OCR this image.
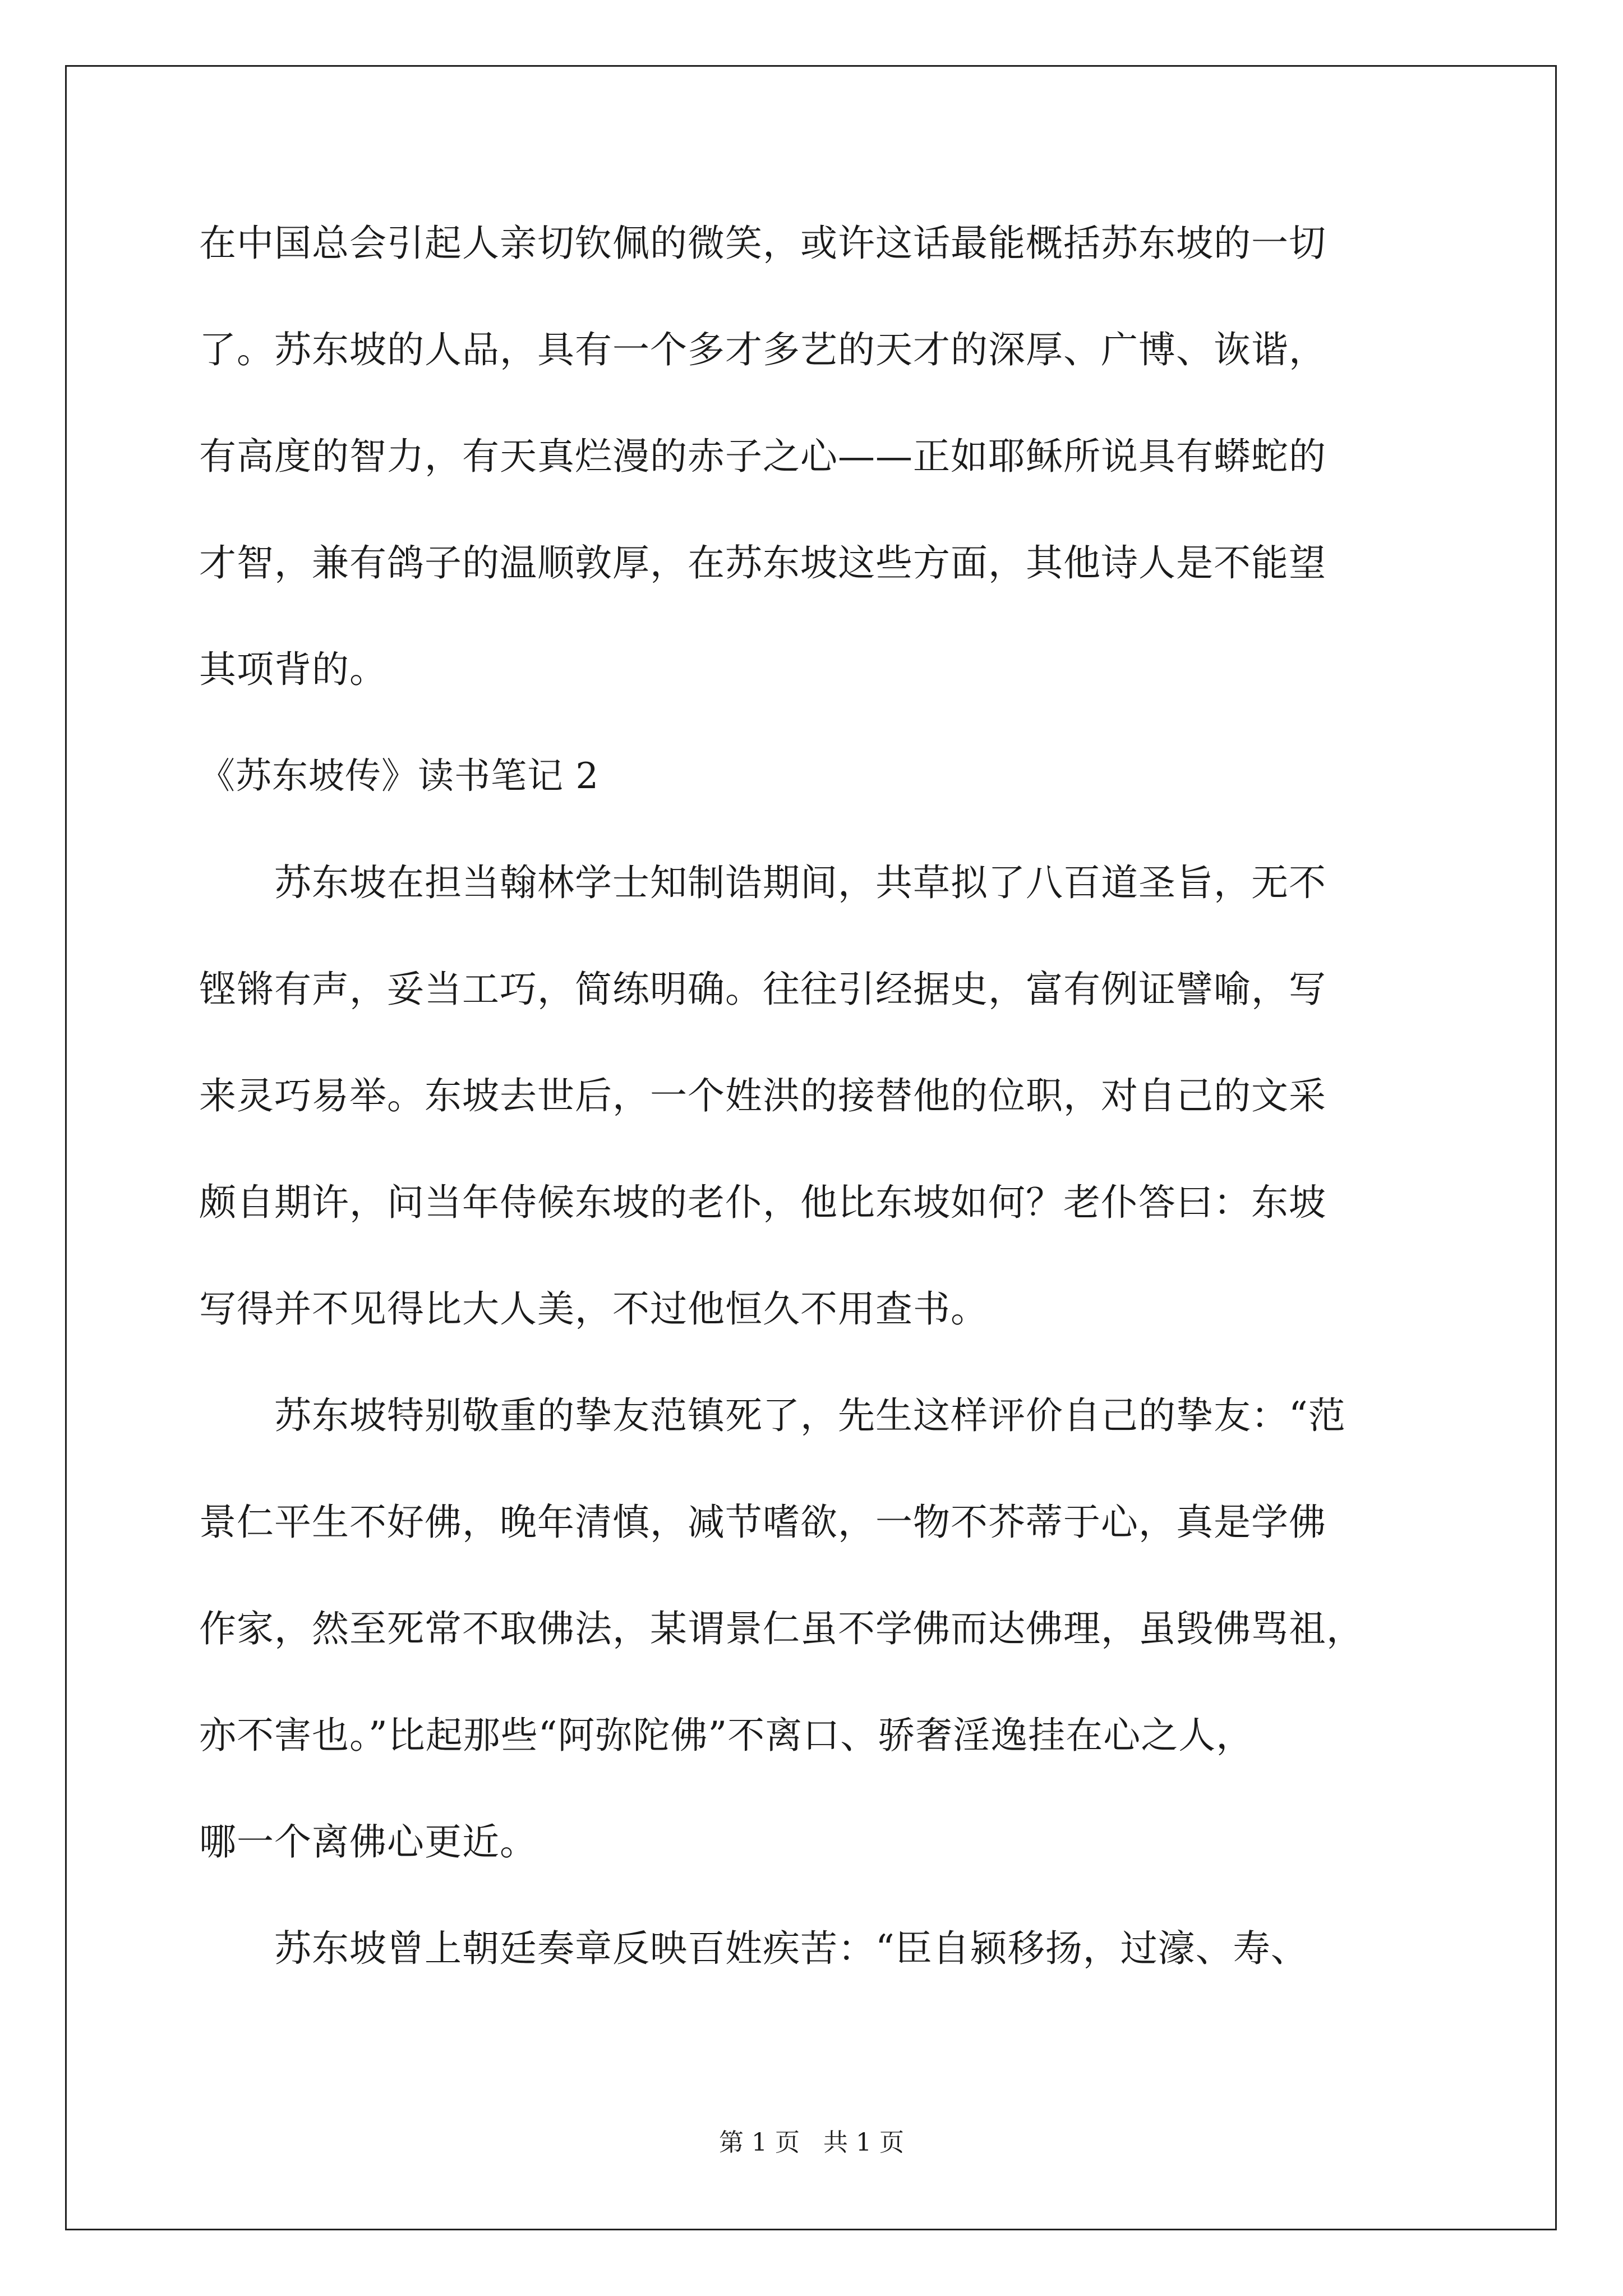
在中国总会引起人亲切钦佩的微笑，或许这话最能概括苏东坡的一切
了。苏东坡的人品，具有一个多才多艺的天才的深厚、广博、诙谐，
有高度的智力，有天真烂漫的赤子之心——正如耶稣所说具有蟒蛇的
才智，兼有鸽子的温顺敦厚，在苏东坡这些方面，其他诗人是不能望
其项背的。
《苏东坡传》读书笔记 2
　　苏东坡在担当翰林学士知制诰期间，共草拟了八百道圣旨，无不
铿锵有声，妥当工巧，简练明确。往往引经据史，富有例证譬喻，写
来灵巧易举。东坡去世后，一个姓洪的接替他的位职，对自己的文采
颇自期许，问当年侍候东坡的老仆，他比东坡如何？老仆答曰：东坡
写得并不见得比大人美，不过他恒久不用查书。
　　苏东坡特别敬重的挚友范镇死了，先生这样评价自己的挚友：“范
景仁平生不好佛，晚年清慎，减节嗜欲，一物不芥蒂于心，真是学佛
作家，然至死常不取佛法，某谓景仁虽不学佛而达佛理，虽毁佛骂祖，
亦不害也。”比起那些“阿弥陀佛”不离口、骄奢淫逸挂在心之人，
哪一个离佛心更近。
　　苏东坡曾上朝廷奏章反映百姓疾苦：“臣自颍移扬，过濠、寿、
第 1 页 共 1 页
